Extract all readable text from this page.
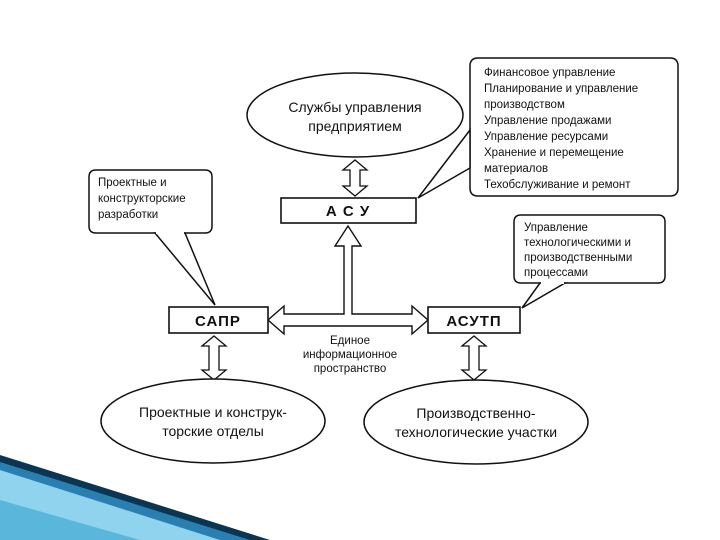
Службы управления
предприятием
Финансовое управление
Планирование и управление
производством
Управление продажами
Управление ресурсами
Хранение и перемещение
материалов
Техобслуживание и ремонт
Проектные и
конструкторские
разработки
Управление
технологическими и
производственными
процессами
А С У
САПР	АСУТП
Единое
информационное
пространство
Проектные и конструк-
торские отделы
Производственно-
технологические участки
